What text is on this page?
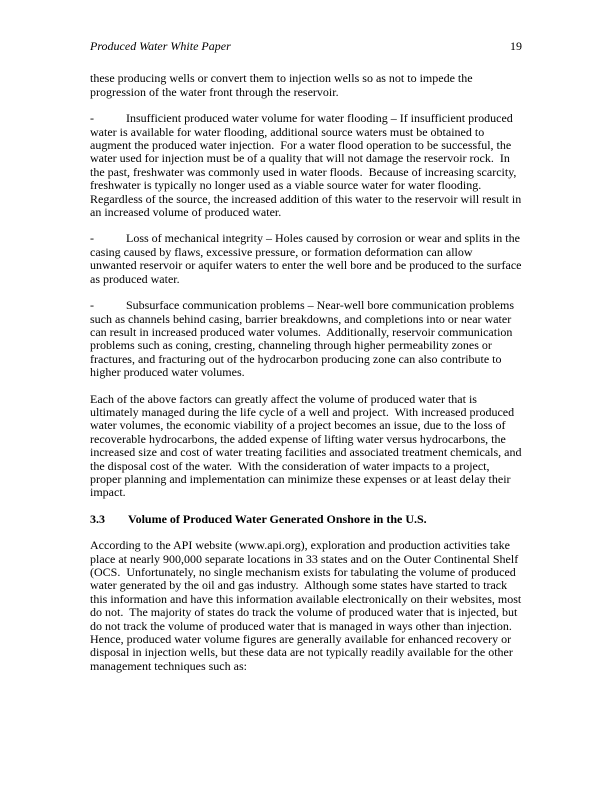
Produced Water White Paper	19

these producing wells or convert them to injection wells so as not to impede the progression of the water front through the reservoir.

-	Insufficient produced water volume for water flooding – If insufficient produced water is available for water flooding, additional source waters must be obtained to augment the produced water injection.  For a water flood operation to be successful, the water used for injection must be of a quality that will not damage the reservoir rock.  In the past, freshwater was commonly used in water floods.  Because of increasing scarcity, freshwater is typically no longer used as a viable source water for water flooding.  Regardless of the source, the increased addition of this water to the reservoir will result in an increased volume of produced water.

-	Loss of mechanical integrity – Holes caused by corrosion or wear and splits in the casing caused by flaws, excessive pressure, or formation deformation can allow unwanted reservoir or aquifer waters to enter the well bore and be produced to the surface as produced water.

-	Subsurface communication problems – Near-well bore communication problems such as channels behind casing, barrier breakdowns, and completions into or near water can result in increased produced water volumes.  Additionally, reservoir communication problems such as coning, cresting, channeling through higher permeability zones or fractures, and fracturing out of the hydrocarbon producing zone can also contribute to higher produced water volumes.

Each of the above factors can greatly affect the volume of produced water that is ultimately managed during the life cycle of a well and project.  With increased produced water volumes, the economic viability of a project becomes an issue, due to the loss of recoverable hydrocarbons, the added expense of lifting water versus hydrocarbons, the increased size and cost of water treating facilities and associated treatment chemicals, and the disposal cost of the water.  With the consideration of water impacts to a project, proper planning and implementation can minimize these expenses or at least delay their impact.

3.3 Volume of Produced Water Generated Onshore in the U.S.

According to the API website (www.api.org), exploration and production activities take place at nearly 900,000 separate locations in 33 states and on the Outer Continental Shelf (OCS.  Unfortunately, no single mechanism exists for tabulating the volume of produced water generated by the oil and gas industry.  Although some states have started to track this information and have this information available electronically on their websites, most do not.  The majority of states do track the volume of produced water that is injected, but do not track the volume of produced water that is managed in ways other than injection.  Hence, produced water volume figures are generally available for enhanced recovery or disposal in injection wells, but these data are not typically readily available for the other management techniques such as:
